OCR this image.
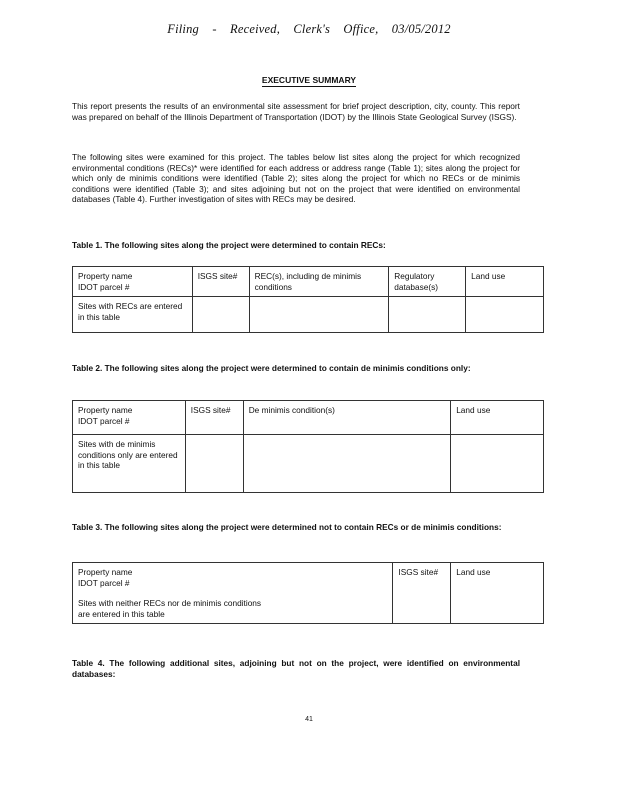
Filing - Received, Clerk's Office, 03/05/2012
EXECUTIVE SUMMARY
This report presents the results of an environmental site assessment for brief project description, city, county. This report was prepared on behalf of the Illinois Department of Transportation (IDOT) by the Illinois State Geological Survey (ISGS).
The following sites were examined for this project. The tables below list sites along the project for which recognized environmental conditions (RECs)* were identified for each address or address range (Table 1); sites along the project for which only de minimis conditions were identified (Table 2); sites along the project for which no RECs or de minimis conditions were identified (Table 3); and sites adjoining but not on the project that were identified on environmental databases (Table 4). Further investigation of sites with RECs may be desired.
Table 1. The following sites along the project were determined to contain RECs:
Property name
IDOT parcel #	ISGS site#	REC(s), including de minimis conditions	Regulatory database(s)	Land use
Sites with RECs are entered in this table				
Table 2. The following sites along the project were determined to contain de minimis conditions only:
Property name
IDOT parcel #	ISGS site#	De minimis condition(s)	Land use
Sites with de minimis conditions only are entered in this table			
Table 3. The following sites along the project were determined not to contain RECs or de minimis conditions:
Property name
IDOT parcel #
Sites with neither RECs nor de minimis conditions are entered in this table
	ISGS site#	Land use
Table 4. The following additional sites, adjoining but not on the project, were identified on environmental databases:
41
